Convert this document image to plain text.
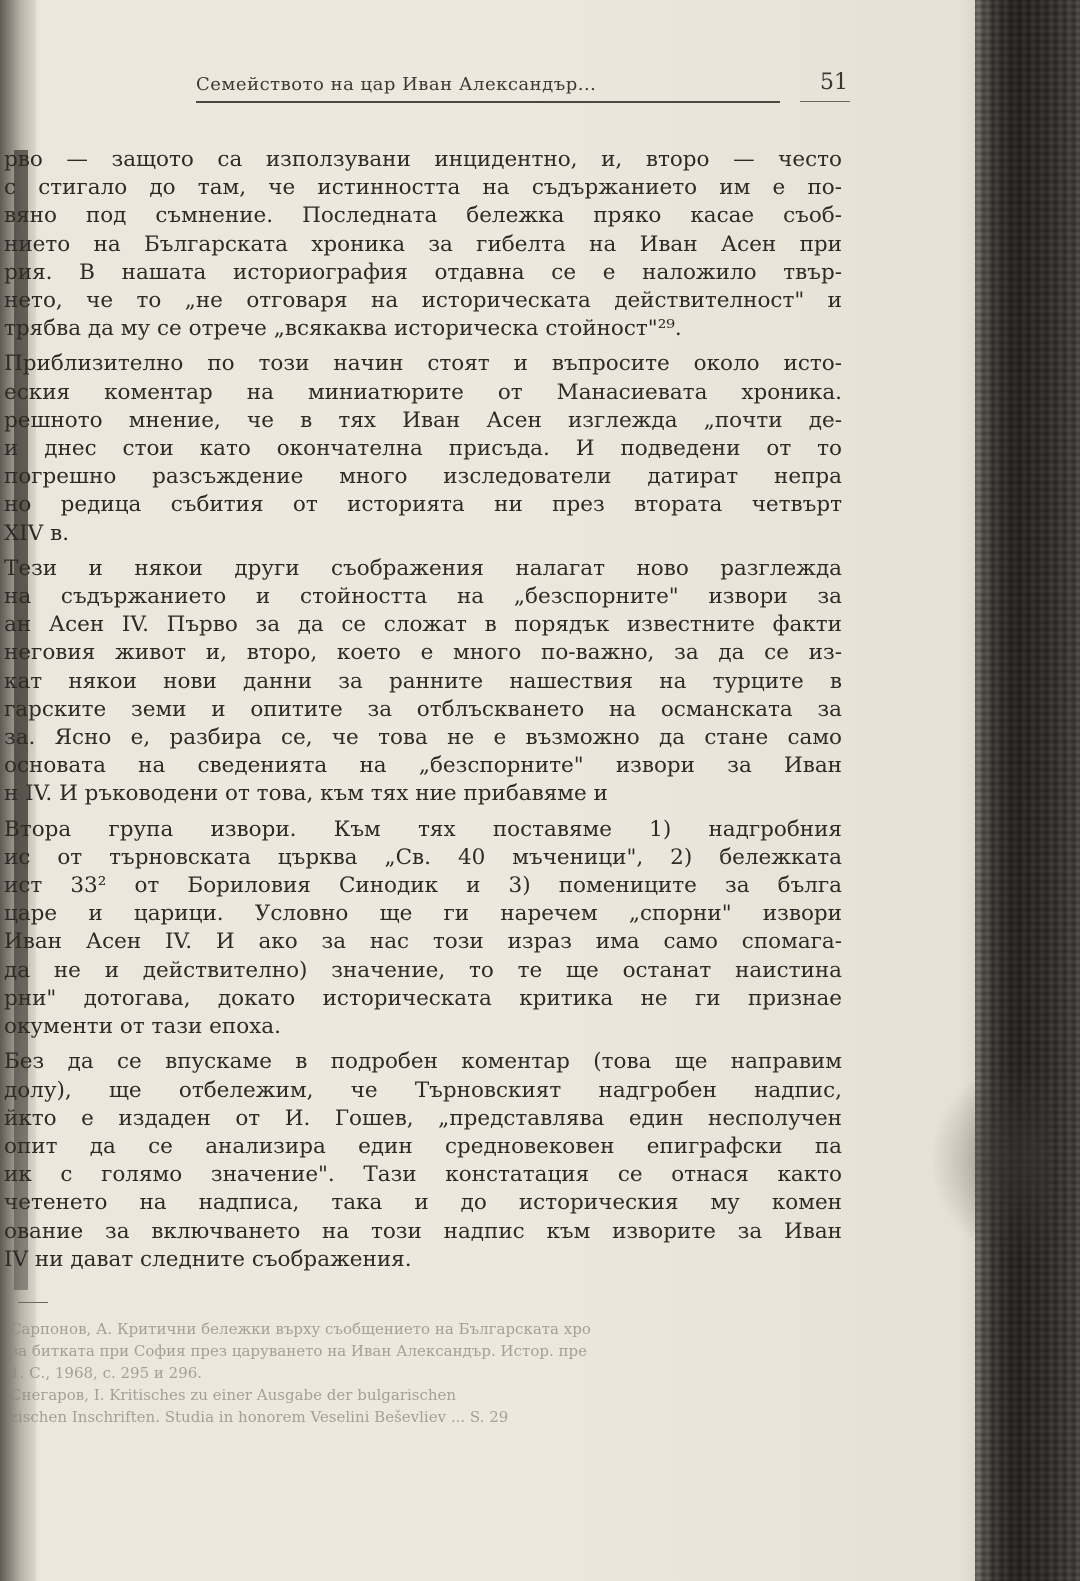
Семейството на цар Иван Александър...	51
рво — защото са използувани инцидентно, и, второ — често
с стигало до там, че истинността на съдържанието им е по-
вяно под съмнение. Последната бележка пряко касае съоб-
нието на Българската хроника за гибелта на Иван Асен при
рия. В нашата историография отдавна се е наложило твър-
нето, че то „не отговаря на историческата действителност" и
трябва да му се отрече „всякаква историческа стойност"²⁹.
Приблизително по този начин стоят и въпросите около исто-
еския коментар на миниатюрите от Манасиевата хроника.
решното мнение, че в тях Иван Асен изглежда „почти де-
и днес стои като окончателна присъда. И подведени от то
погрешно разсъждение много изследователи датират непра
но редица събития от историята ни през втората четвърт
XIV в.
Тези и някои други съображения налагат ново разглежда
на съдържанието и стойността на „безспорните" извори за
ан Асен IV. Първо за да се сложат в порядък известните факти
неговия живот и, второ, което е много по-важно, за да се из-
кат някои нови данни за ранните нашествия на турците в
гарските земи и опитите за отблъскването на османската за
за. Ясно е, разбира се, че това не е възможно да стане само
основата на сведенията на „безспорните" извори за Иван
н IV. И ръководени от това, към тях ние прибавяме и
Втора група извори. Към тях поставяме 1) надгробния
ис от търновската църква „Св. 40 мъченици", 2) бележката
ист 33² от Бориловия Синодик и 3) помениците за бълга
цаpe и царици. Условно ще ги наречем „спорни" извори
Иван Асен IV. И ако за нас този израз има само спомага-
да не и действително) значение, то те ще останат наистина
рни" дотогава, докато историческата критика не ги признае
окументи от тази епоха.
Без да се впускаме в подробен коментар (това ще направим
долу), ще отбележим, че Търновският надгробен надпис,
йкто е издаден от И. Гошев, „представлява един несполучен
опит да се анализира един средновековен епиграфски па
ик с голямо значение". Тази констатация се отнася както
четенето на надписа, така и до историческия му комен
ование за включването на този надпис към изворите за Иван
IV ни дават следните съображения.
Сарпонов, А. Критични бележки върху съобщението на Българската хро
за битката при София през царуването на Иван Александър. Истор. пре
1. С., 1968, с. 295 и 296.
Снегаров, I. Kritisches zu einer Ausgabe der bulgarischen
zischen Inschriften. Studia in honorem Veselini Beševliev ... S. 29
